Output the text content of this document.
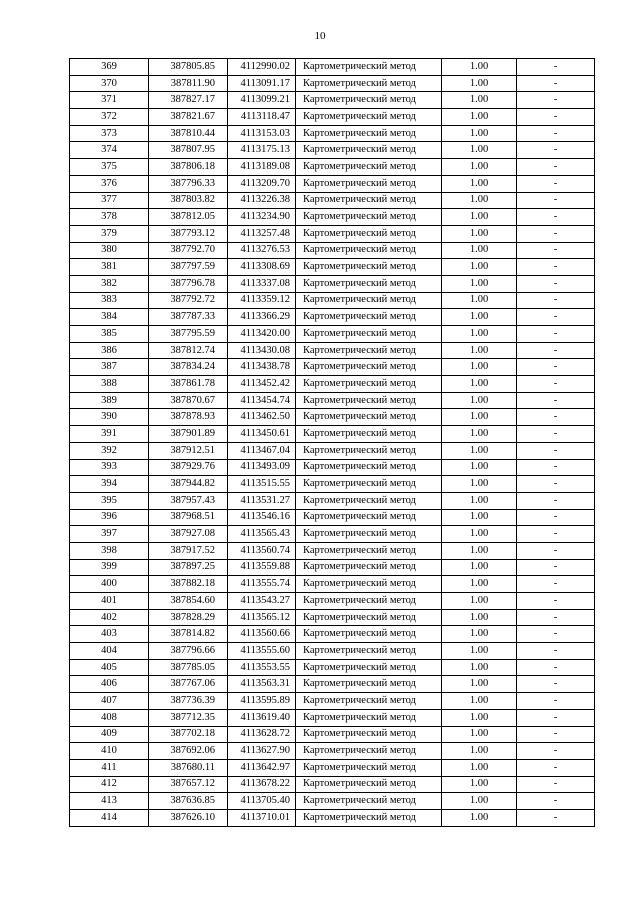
10
369	387805.85	4112990.02	Картометрический метод	1.00	-
370	387811.90	4113091.17	Картометрический метод	1.00	-
371	387827.17	4113099.21	Картометрический метод	1.00	-
372	387821.67	4113118.47	Картометрический метод	1.00	-
373	387810.44	4113153.03	Картометрический метод	1.00	-
374	387807.95	4113175.13	Картометрический метод	1.00	-
375	387806.18	4113189.08	Картометрический метод	1.00	-
376	387796.33	4113209.70	Картометрический метод	1.00	-
377	387803.82	4113226.38	Картометрический метод	1.00	-
378	387812.05	4113234.90	Картометрический метод	1.00	-
379	387793.12	4113257.48	Картометрический метод	1.00	-
380	387792.70	4113276.53	Картометрический метод	1.00	-
381	387797.59	4113308.69	Картометрический метод	1.00	-
382	387796.78	4113337.08	Картометрический метод	1.00	-
383	387792.72	4113359.12	Картометрический метод	1.00	-
384	387787.33	4113366.29	Картометрический метод	1.00	-
385	387795.59	4113420.00	Картометрический метод	1.00	-
386	387812.74	4113430.08	Картометрический метод	1.00	-
387	387834.24	4113438.78	Картометрический метод	1.00	-
388	387861.78	4113452.42	Картометрический метод	1.00	-
389	387870.67	4113454.74	Картометрический метод	1.00	-
390	387878.93	4113462.50	Картометрический метод	1.00	-
391	387901.89	4113450.61	Картометрический метод	1.00	-
392	387912.51	4113467.04	Картометрический метод	1.00	-
393	387929.76	4113493.09	Картометрический метод	1.00	-
394	387944.82	4113515.55	Картометрический метод	1.00	-
395	387957.43	4113531.27	Картометрический метод	1.00	-
396	387968.51	4113546.16	Картометрический метод	1.00	-
397	387927.08	4113565.43	Картометрический метод	1.00	-
398	387917.52	4113560.74	Картометрический метод	1.00	-
399	387897.25	4113559.88	Картометрический метод	1.00	-
400	387882.18	4113555.74	Картометрический метод	1.00	-
401	387854.60	4113543.27	Картометрический метод	1.00	-
402	387828.29	4113565.12	Картометрический метод	1.00	-
403	387814.82	4113560.66	Картометрический метод	1.00	-
404	387796.66	4113555.60	Картометрический метод	1.00	-
405	387785.05	4113553.55	Картометрический метод	1.00	-
406	387767.06	4113563.31	Картометрический метод	1.00	-
407	387736.39	4113595.89	Картометрический метод	1.00	-
408	387712.35	4113619.40	Картометрический метод	1.00	-
409	387702.18	4113628.72	Картометрический метод	1.00	-
410	387692.06	4113627.90	Картометрический метод	1.00	-
411	387680.11	4113642.97	Картометрический метод	1.00	-
412	387657.12	4113678.22	Картометрический метод	1.00	-
413	387636.85	4113705.40	Картометрический метод	1.00	-
414	387626.10	4113710.01	Картометрический метод	1.00	-
